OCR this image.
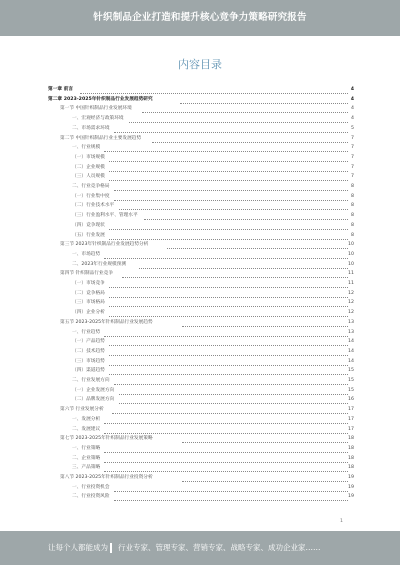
针织制品企业打造和提升核心竞争力策略研究报告
内容目录
第一章 前言	4
第二章 2023-2025年针织制品行业发展趋势研究	4
第一节 中国针织制品行业发展环境	4
一、宏观经济与政策环境	4
二、市场需求环境	5
第二节 中国针织制品行业主要发展趋势	7
一、行业规模	7
（一）市场规模	7
（二）企业规模	7
（三）人员规模	7
二、行业竞争格局	8
（一）行业集中度	8
（二）行业技术水平	8
（三）行业盈利水平、管理水平	8
（四）竞争现状	8
（五）行业发展	8
第三节 2023年针织制品行业发展趋势分析	10
一、市场趋势	10
二、2023年行业规模预测	10
第四节 针织制品行业竞争	11
（一）市场竞争	11
（二）竞争格局	12
（三）市场格局	12
（四）企业分析	12
第五节 2023-2025年针织制品行业发展趋势	13
一、行业趋势	13
（一）产品趋势	14
（二）技术趋势	14
（三）市场趋势	14
（四）渠道趋势	15
二、行业发展方向	15
（一）企业发展方向	15
（二）品牌发展方向	16
第六节 行业发展分析	17
一、发展分析	17
二、发展建议	17
第七节 2023-2025年针织制品行业发展策略	18
一、行业策略	18
二、企业策略	18
三、产品策略	18
第八节 2023-2025年针织制品行业投资分析	19
一、行业投资机会	19
二、行业投资风险	19
1
让每个人都能成为 行业专家、管理专家、营销专家、战略专家、成功企业家……
